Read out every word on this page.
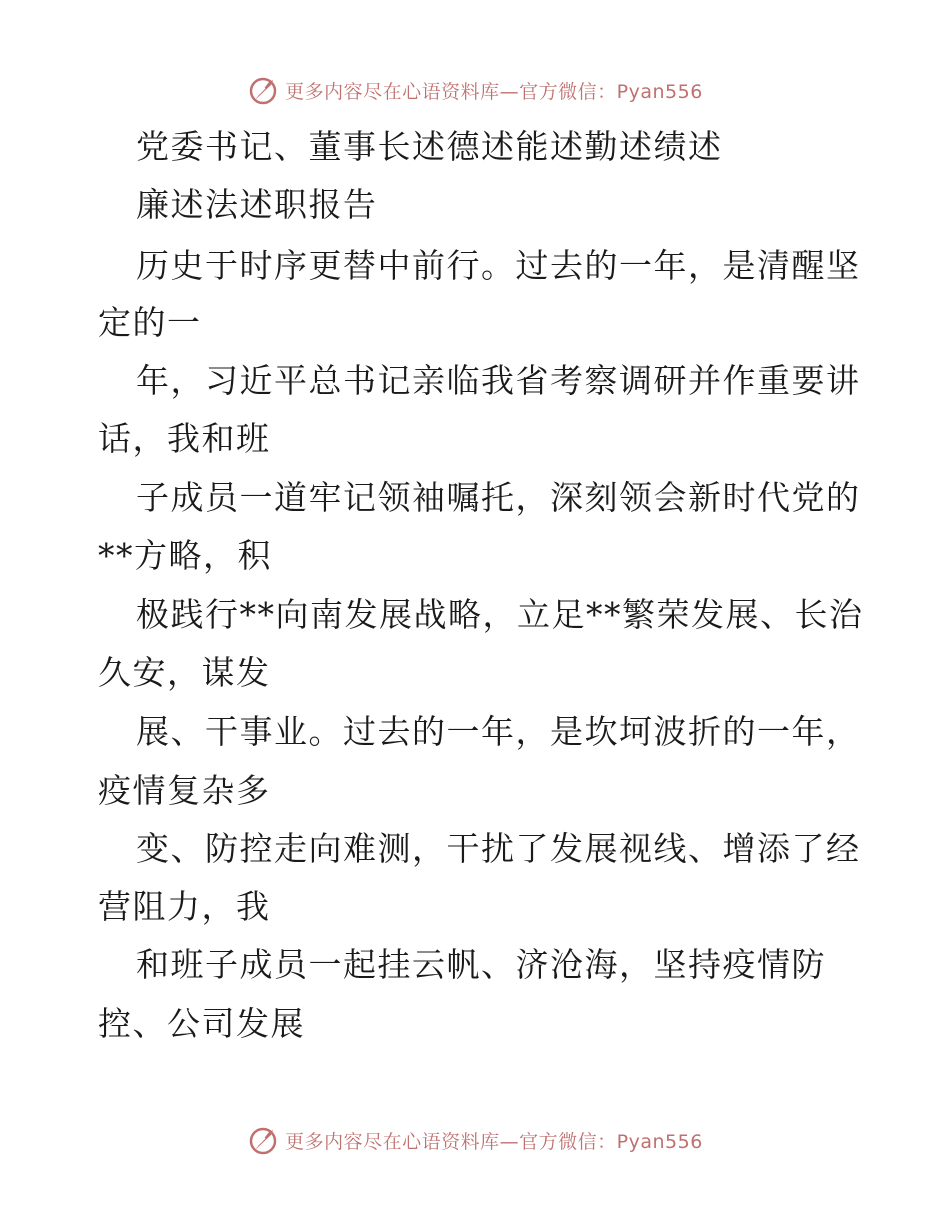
更多内容尽在心语资料库—官方微信：Pyan556
党委书记、董事长述德述能述勤述绩述
廉述法述职报告
历史于时序更替中前行。过去的一年，是清醒坚
定的一
年，习近平总书记亲临我省考察调研并作重要讲
话，我和班
子成员一道牢记领袖嘱托，深刻领会新时代党的
**方略，积
极践行**向南发展战略，立足**繁荣发展、长治
久安，谋发
展、干事业。过去的一年，是坎坷波折的一年，
疫情复杂多
变、防控走向难测，干扰了发展视线、增添了经
营阻力，我
和班子成员一起挂云帆、济沧海，坚持疫情防
控、公司发展
更多内容尽在心语资料库—官方微信：Pyan556
